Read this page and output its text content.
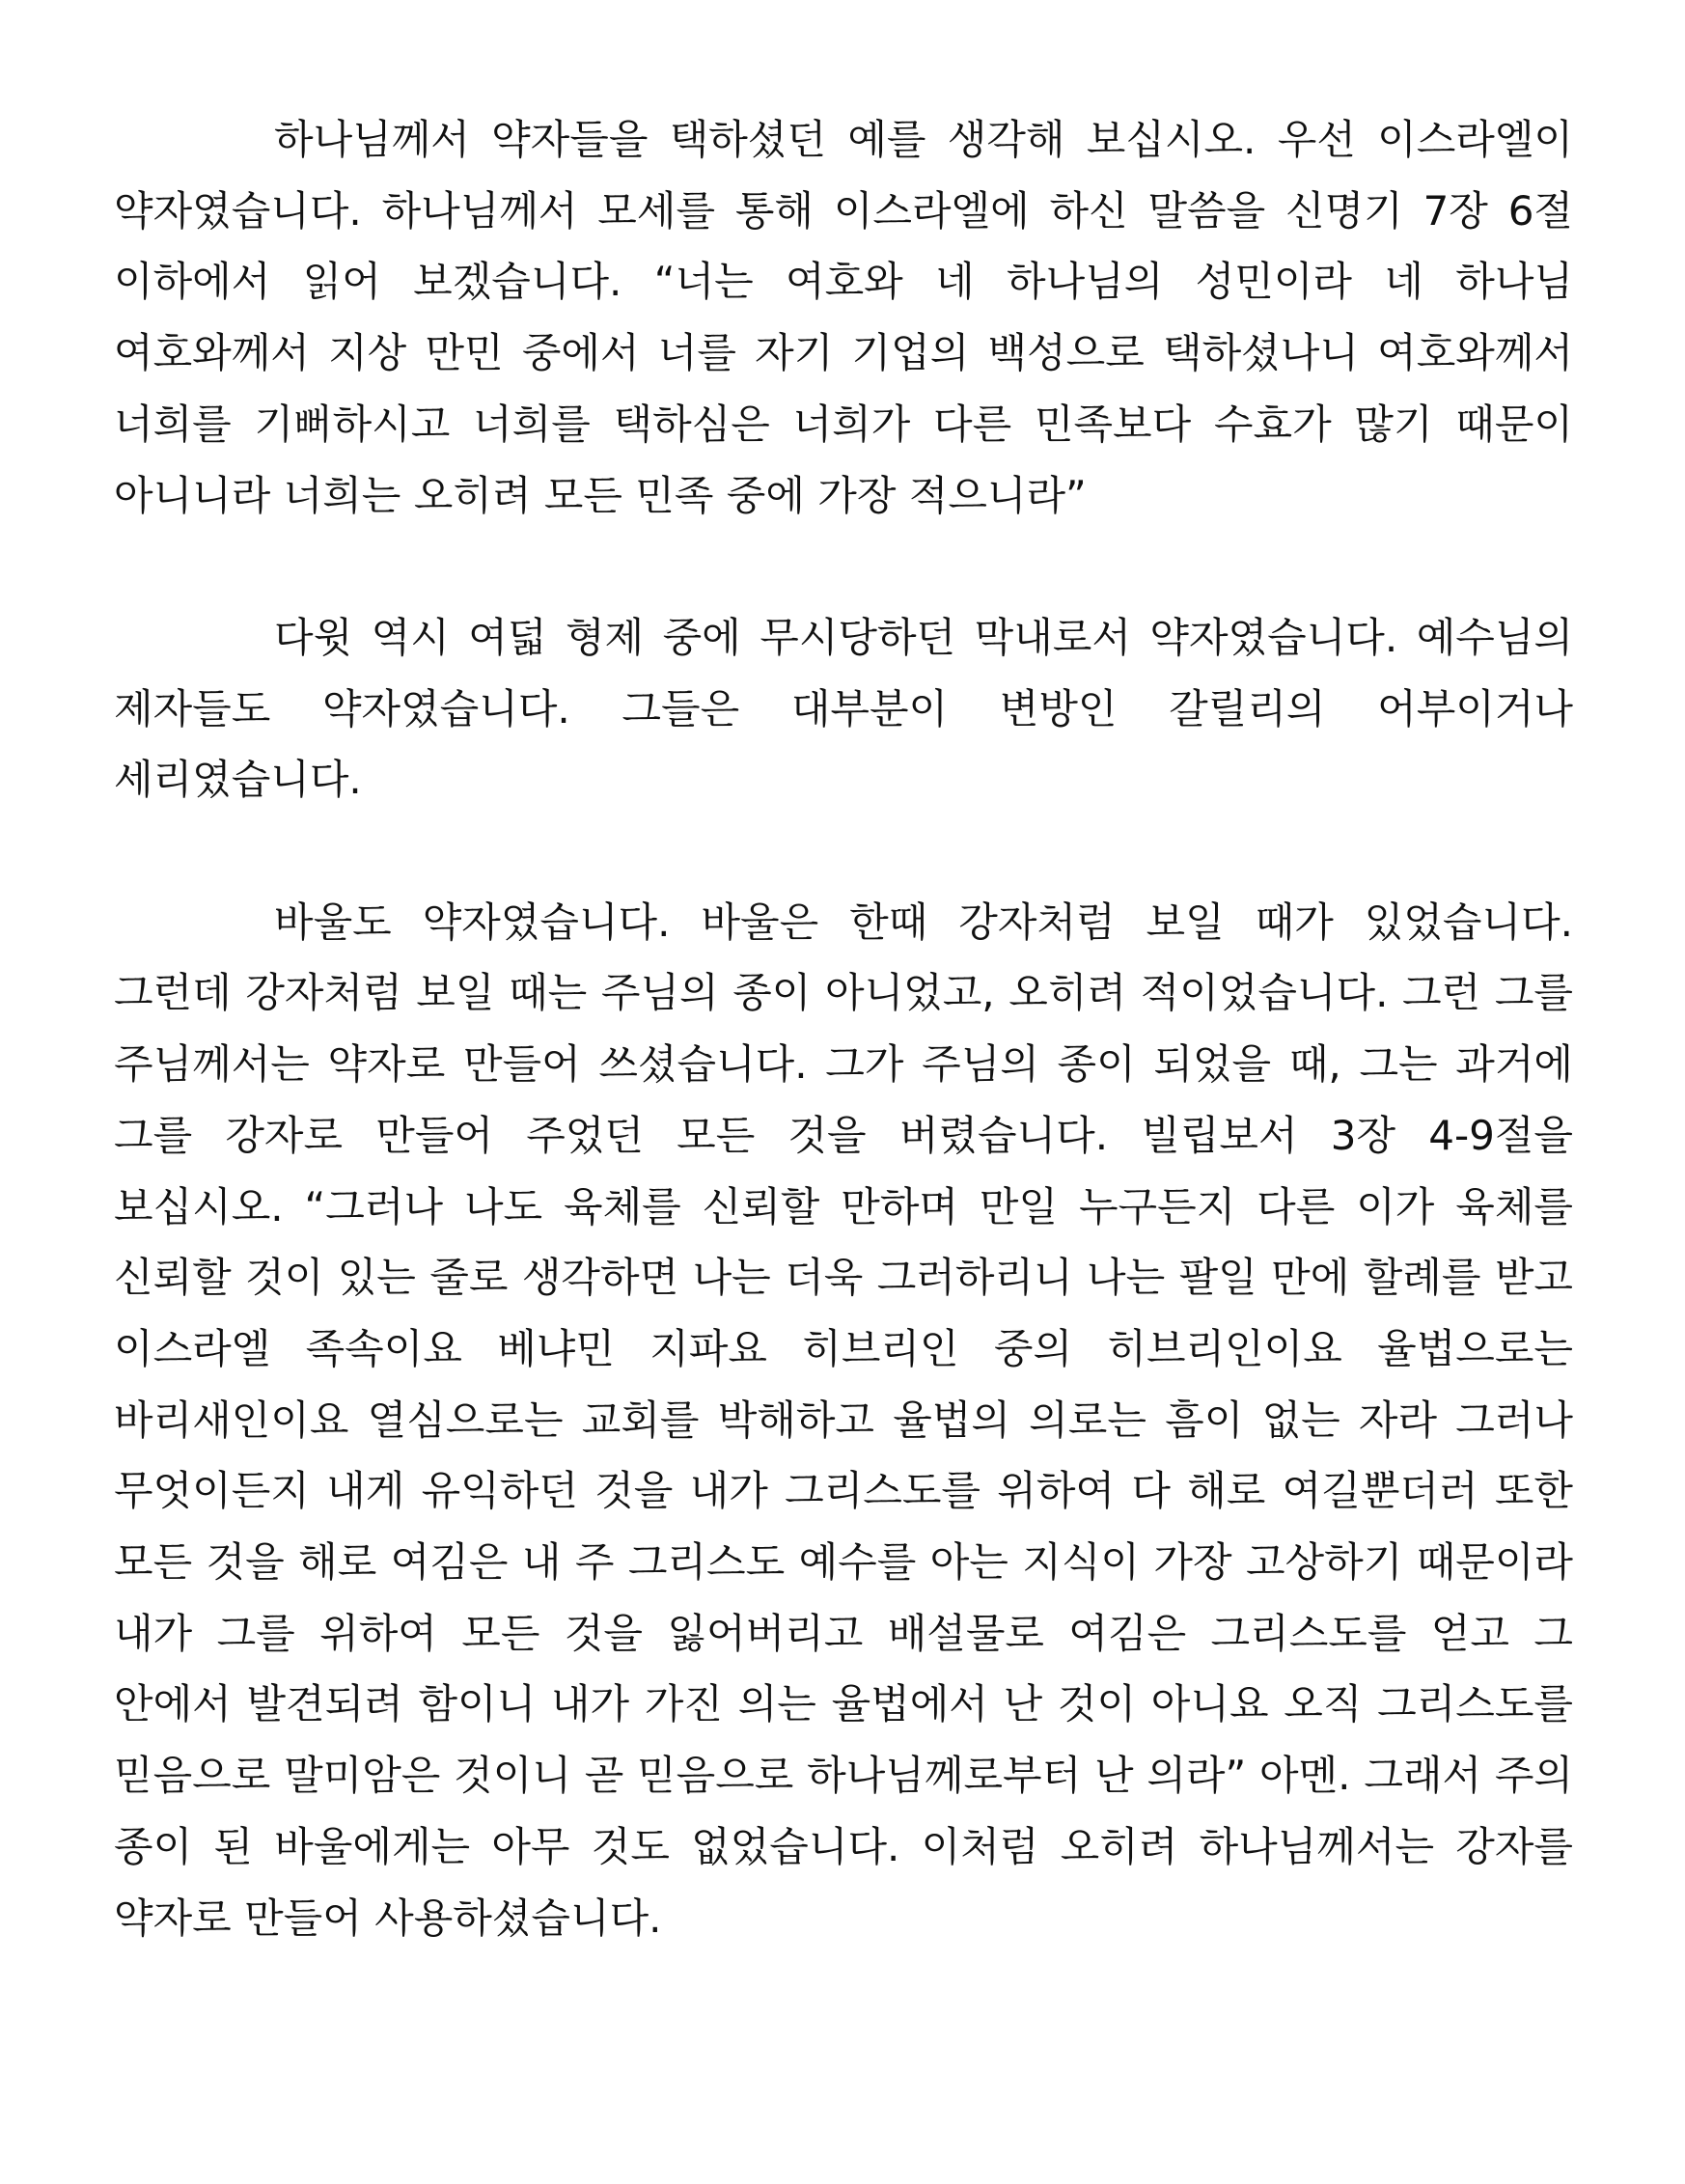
하나님께서 약자들을 택하셨던 예를 생각해 보십시오. 우선 이스라엘이 약자였습니다. 하나님께서 모세를 통해 이스라엘에 하신 말씀을 신명기 7장 6절 이하에서 읽어 보겠습니다. “너는 여호와 네 하나님의 성민이라 네 하나님 여호와께서 지상 만민 중에서 너를 자기 기업의 백성으로 택하셨나니 여호와께서 너희를 기뻐하시고 너희를 택하심은 너희가 다른 민족보다 수효가 많기 때문이 아니니라 너희는 오히려 모든 민족 중에 가장 적으니라”

다윗 역시 여덟 형제 중에 무시당하던 막내로서 약자였습니다. 예수님의 제자들도 약자였습니다. 그들은 대부분이 변방인 갈릴리의 어부이거나 세리였습니다.

바울도 약자였습니다. 바울은 한때 강자처럼 보일 때가 있었습니다. 그런데 강자처럼 보일 때는 주님의 종이 아니었고, 오히려 적이었습니다. 그런 그를 주님께서는 약자로 만들어 쓰셨습니다. 그가 주님의 종이 되었을 때, 그는 과거에 그를 강자로 만들어 주었던 모든 것을 버렸습니다. 빌립보서 3장 4-9절을 보십시오. “그러나 나도 육체를 신뢰할 만하며 만일 누구든지 다른 이가 육체를 신뢰할 것이 있는 줄로 생각하면 나는 더욱 그러하리니 나는 팔일 만에 할례를 받고 이스라엘 족속이요 베냐민 지파요 히브리인 중의 히브리인이요 율법으로는 바리새인이요 열심으로는 교회를 박해하고 율법의 의로는 흠이 없는 자라 그러나 무엇이든지 내게 유익하던 것을 내가 그리스도를 위하여 다 해로 여길뿐더러 또한 모든 것을 해로 여김은 내 주 그리스도 예수를 아는 지식이 가장 고상하기 때문이라 내가 그를 위하여 모든 것을 잃어버리고 배설물로 여김은 그리스도를 얻고 그 안에서 발견되려 함이니 내가 가진 의는 율법에서 난 것이 아니요 오직 그리스도를 믿음으로 말미암은 것이니 곧 믿음으로 하나님께로부터 난 의라” 아멘. 그래서 주의 종이 된 바울에게는 아무 것도 없었습니다. 이처럼 오히려 하나님께서는 강자를 약자로 만들어 사용하셨습니다.
